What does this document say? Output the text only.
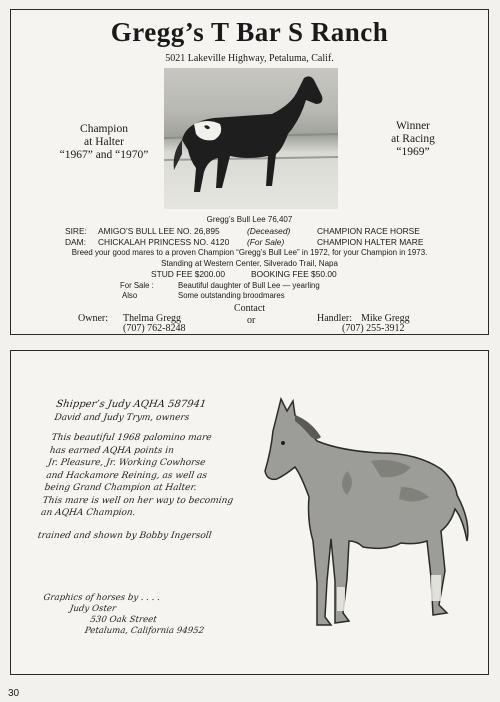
Gregg’s T Bar S Ranch
5021 Lakeville Highway, Petaluma, Calif.
Champion
at Halter
“1967” and “1970”
Winner
at Racing
“1969”
Gregg’s Bull Lee 76,407
SIRE: AMIGO’S BULL LEE NO. 26,895	(Deceased)	CHAMPION RACE HORSE
DAM: CHICKALAH PRINCESS NO. 4120 (For Sale)	CHAMPION HALTER MARE
Breed your good mares to a proven Champion “Gregg’s Bull Lee” in 1972, for your Champion in 1973.
Standing at Western Center, Silverado Trail, Napa
STUD FEE $200.00	BOOKING FEE $50.00
For Sale :	Beautiful daughter of Bull Lee — yearling
Also	Some outstanding broodmares
Contact
Owner: Thelma Gregg
(707) 762-8248
or	Handler: Mike Gregg
(707) 255-3912
Shipper’s Judy AQHA 587941
David and Judy Trym, owners
This beautiful 1968 palomino mare
has earned AQHA points in
Jr. Pleasure, Jr. Working Cowhorse
and Hackamore Reining, as well as
being Grand Champion at Halter.
This mare is well on her way to becoming
an AQHA Champion.
trained and shown by Bobby Ingersoll
Graphics of horses by . . . .
Judy Oster
530 Oak Street
Petaluma, California 94952
30
